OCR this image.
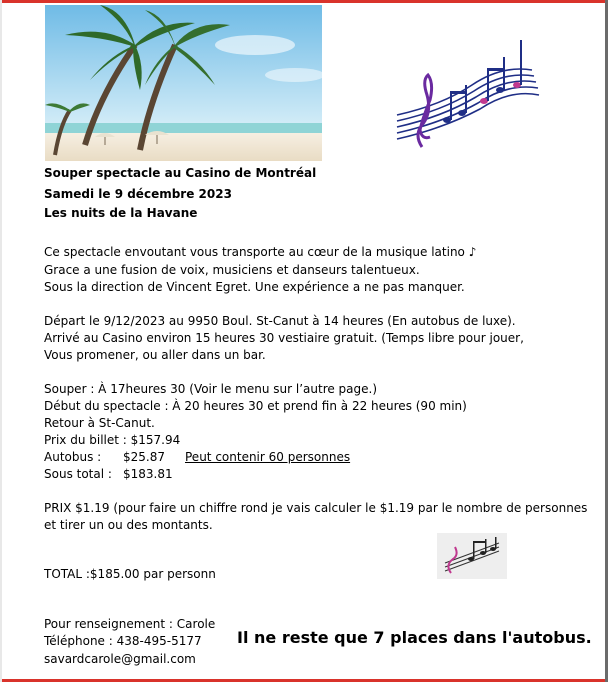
Souper spectacle au Casino de Montréal
Samedi le 9 décembre 2023
Les nuits de la Havane
Ce spectacle envoutant vous transporte au cœur de la musique latino ♪
Grace a une fusion de voix, musiciens et danseurs talentueux.
Sous la direction de Vincent Egret. Une expérience a ne pas manquer.
Départ le 9/12/2023 au 9950 Boul. St-Canut à 14 heures (En autobus de luxe).
Arrivé au Casino environ 15 heures 30 vestiaire gratuit. (Temps libre pour jouer,
Vous promener, ou aller dans un bar.
Souper : À 17heures 30 (Voir le menu sur l’autre page.)
Début du spectacle : À 20 heures 30 et prend fin à 22 heures (90 min)
Retour à St-Canut.
Prix du billet : $157.94
Autobus : $25.87 Peut contenir 60 personnes
Sous total : $183.81
PRIX $1.19 (pour faire un chiffre rond je vais calculer le $1.19 par le nombre de personnes
et tirer un ou des montants.
TOTAL :$185.00 par personn
Pour renseignement : Carole
Téléphone : 438-495-5177
savardcarole@gmail.com
Il ne reste que 7 places dans l'autobus.
